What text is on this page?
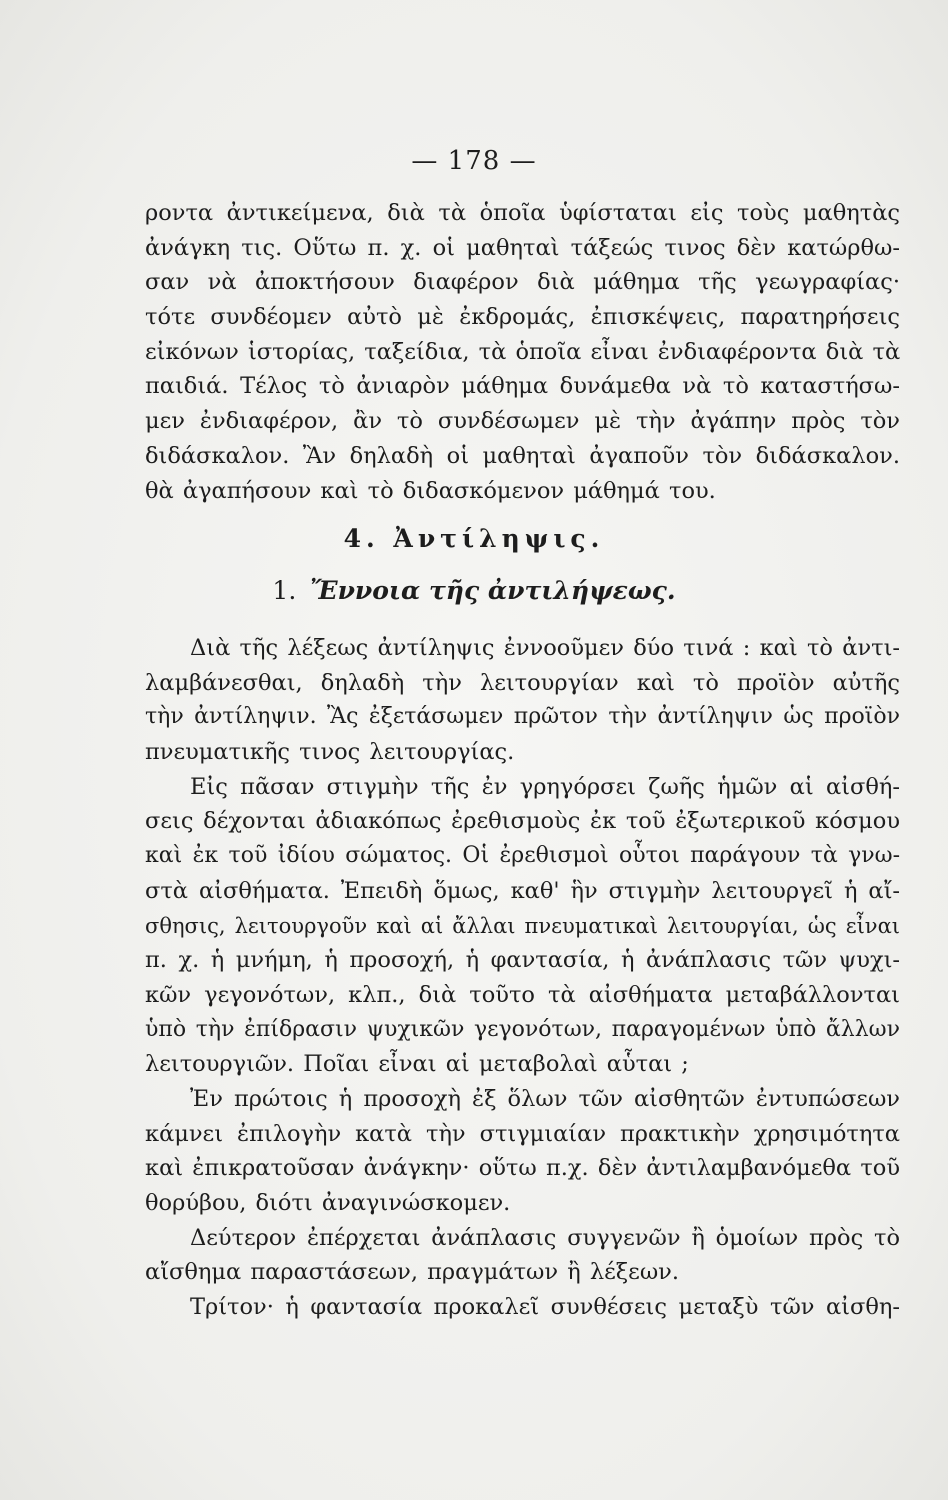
— 178 —
ροντα ἀντικείμενα, διὰ τὰ ὁποῖα ὑφίσταται εἰς τοὺς μαθητὰς
ἀνάγκη τις. Οὕτω π. χ. οἱ μαθηταὶ τάξεώς τινος δὲν κατώρθω-
σαν νὰ ἀποκτήσουν διαφέρον διὰ μάθημα τῆς γεωγραφίας·
τότε συνδέομεν αὐτὸ μὲ ἐκδρομάς, ἐπισκέψεις, παρατηρήσεις
εἰκόνων ἱστορίας, ταξείδια, τὰ ὁποῖα εἶναι ἐνδιαφέροντα διὰ τὰ
παιδιά. Τέλος τὸ ἀνιαρὸν μάθημα δυνάμεθα νὰ τὸ καταστήσω-
μεν ἐνδιαφέρον, ἂν τὸ συνδέσωμεν μὲ τὴν ἀγάπην πρὸς τὸν
διδάσκαλον. Ἂν δηλαδὴ οἱ μαθηταὶ ἀγαποῦν τὸν διδάσκαλον.
θὰ ἀγαπήσουν καὶ τὸ διδασκόμενον μάθημά του.
4. Ἀντίληψις.
1. Ἔννοια τῆς ἀντιλήψεως.
Διὰ τῆς λέξεως ἀντίληψις ἐννοοῦμεν δύο τινά : καὶ τὸ ἀντι-
λαμβάνεσθαι, δηλαδὴ τὴν λειτουργίαν καὶ τὸ προϊὸν αὐτῆς
τὴν ἀντίληψιν. Ἂς ἐξετάσωμεν πρῶτον τὴν ἀντίληψιν ὡς προϊὸν
πνευματικῆς τινος λειτουργίας.
Εἰς πᾶσαν στιγμὴν τῆς ἐν γρηγόρσει ζωῆς ἡμῶν αἱ αἰσθή-
σεις δέχονται ἀδιακόπως ἐρεθισμοὺς ἐκ τοῦ ἐξωτερικοῦ κόσμου
καὶ ἐκ τοῦ ἰδίου σώματος. Οἱ ἐρεθισμοὶ οὗτοι παράγουν τὰ γνω-
στὰ αἰσθήματα. Ἐπειδὴ ὅμως, καθ' ἣν στιγμὴν λειτουργεῖ ἡ αἴ-
σθησις, λειτουργοῦν καὶ αἱ ἄλλαι πνευματικαὶ λειτουργίαι, ὡς εἶναι
π. χ. ἡ μνήμη, ἡ προσοχή, ἡ φαντασία, ἡ ἀνάπλασις τῶν ψυχι-
κῶν γεγονότων, κλπ., διὰ τοῦτο τὰ αἰσθήματα μεταβάλλονται
ὑπὸ τὴν ἐπίδρασιν ψυχικῶν γεγονότων, παραγομένων ὑπὸ ἄλλων
λειτουργιῶν. Ποῖαι εἶναι αἱ μεταβολαὶ αὗται ;
Ἐν πρώτοις ἡ προσοχὴ ἐξ ὅλων τῶν αἰσθητῶν ἐντυπώσεων
κάμνει ἐπιλογὴν κατὰ τὴν στιγμιαίαν πρακτικὴν χρησιμότητα
καὶ ἐπικρατοῦσαν ἀνάγκην· οὕτω π.χ. δὲν ἀντιλαμβανόμεθα τοῦ
θορύβου, διότι ἀναγινώσκομεν.
Δεύτερον ἐπέρχεται ἀνάπλασις συγγενῶν ἢ ὁμοίων πρὸς τὸ
αἴσθημα παραστάσεων, πραγμάτων ἢ λέξεων.
Τρίτον· ἡ φαντασία προκαλεῖ συνθέσεις μεταξὺ τῶν αἰσθη-
